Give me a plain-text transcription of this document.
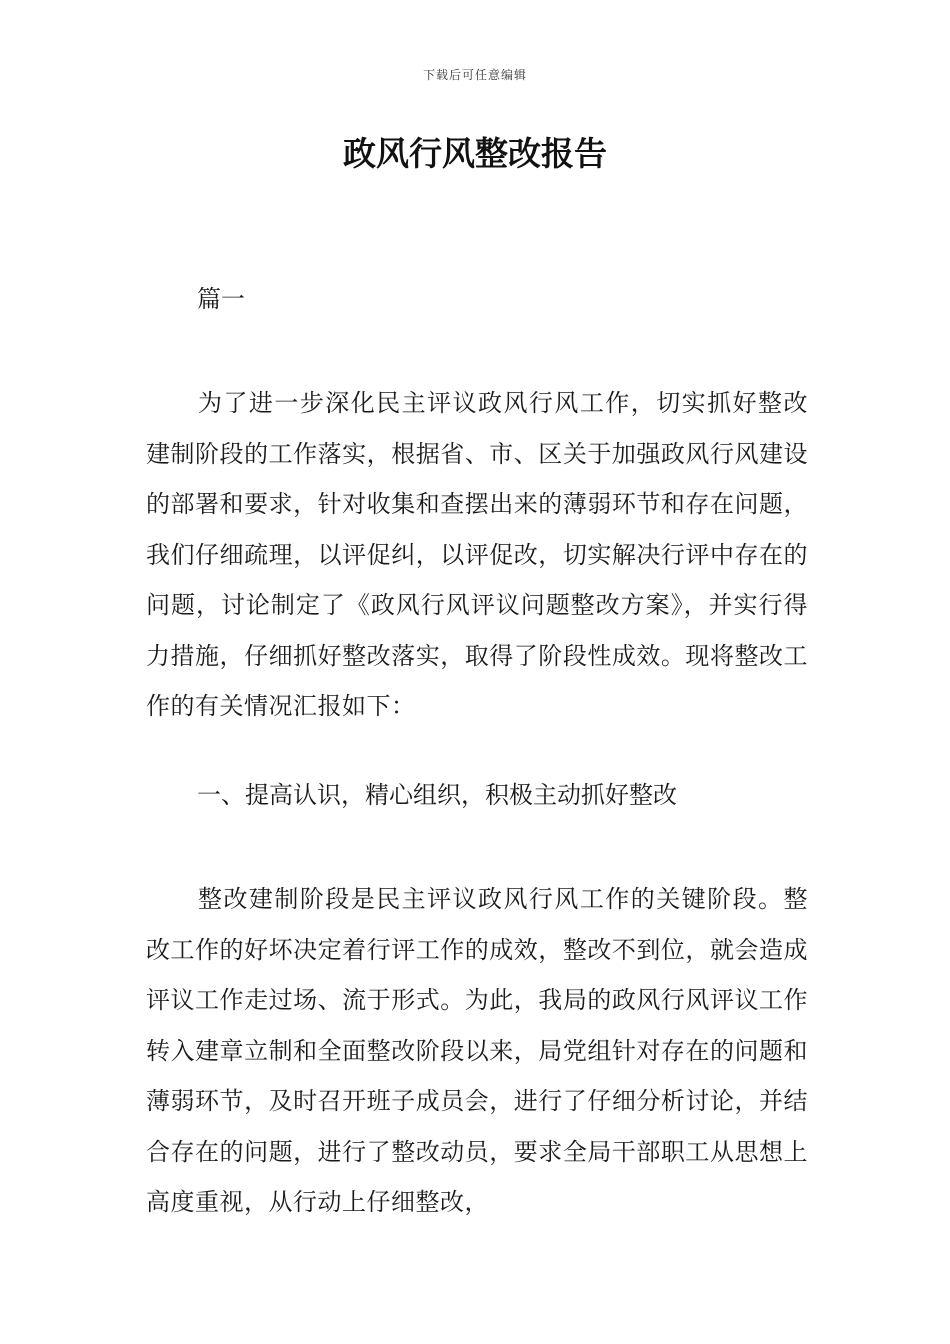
下载后可任意编辑
政风行风整改报告

篇一

为了进一步深化民主评议政风行风工作，切实抓好整改建制阶段的工作落实，根据省、市、区关于加强政风行风建设的部署和要求，针对收集和查摆出来的薄弱环节和存在问题，我们仔细疏理，以评促纠，以评促改，切实解决行评中存在的问题，讨论制定了《政风行风评议问题整改方案》，并实行得力措施，仔细抓好整改落实，取得了阶段性成效。现将整改工作的有关情况汇报如下：

一、提高认识，精心组织，积极主动抓好整改

整改建制阶段是民主评议政风行风工作的关键阶段。整改工作的好坏决定着行评工作的成效，整改不到位，就会造成评议工作走过场、流于形式。为此，我局的政风行风评议工作转入建章立制和全面整改阶段以来，局党组针对存在的问题和薄弱环节，及时召开班子成员会，进行了仔细分析讨论，并结合存在的问题，进行了整改动员，要求全局干部职工从思想上高度重视，从行动上仔细整改，
